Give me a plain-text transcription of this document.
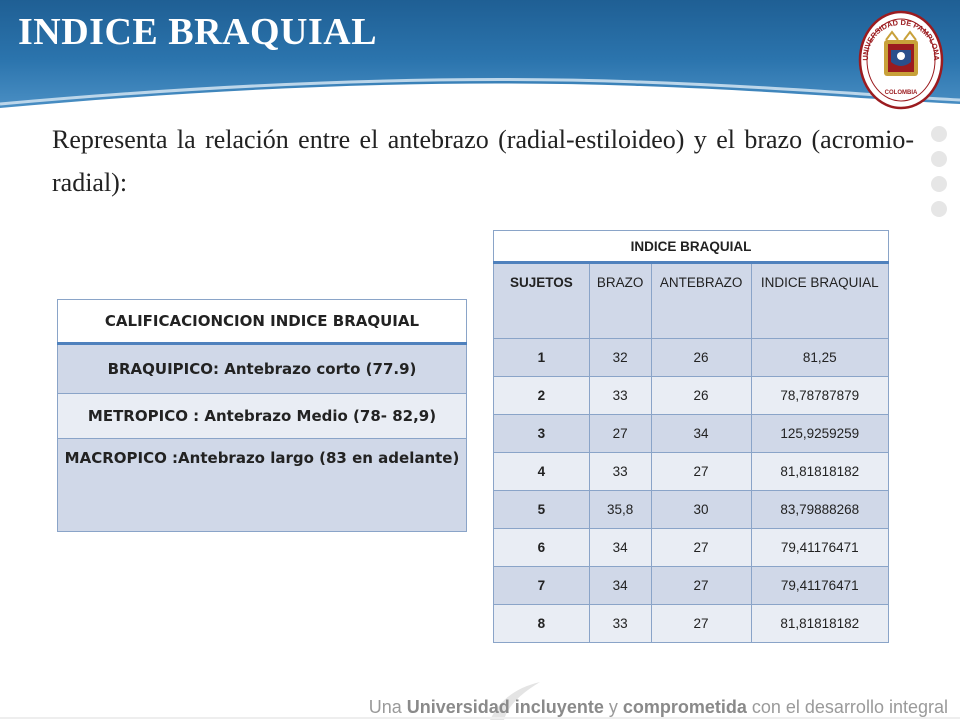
INDICE BRAQUIAL
UNIVERSIDAD DE PAMPLONA
COLOMBIA

Representa la relación entre el antebrazo (radial-estiloideo) y el brazo (acromio-radial):

CALIFICACIONCION INDICE BRAQUIAL
BRAQUIPICO: Antebrazo corto (77.9)
METROPICO : Antebrazo Medio (78- 82,9)
MACROPICO :Antebrazo largo (83 en adelante)
INDICE BRAQUIAL			
SUJETOS	BRAZO	ANTEBRAZO	INDICE BRAQUIAL
1	32	26	81,25
2	33	26	78,78787879
3	27	34	125,9259259
4	33	27	81,81818182
5	35,8	30	83,79888268
6	34	27	79,41176471
7	34	27	79,41176471
8	33	27	81,81818182

Una Universidad incluyente y comprometida con el desarrollo integral
